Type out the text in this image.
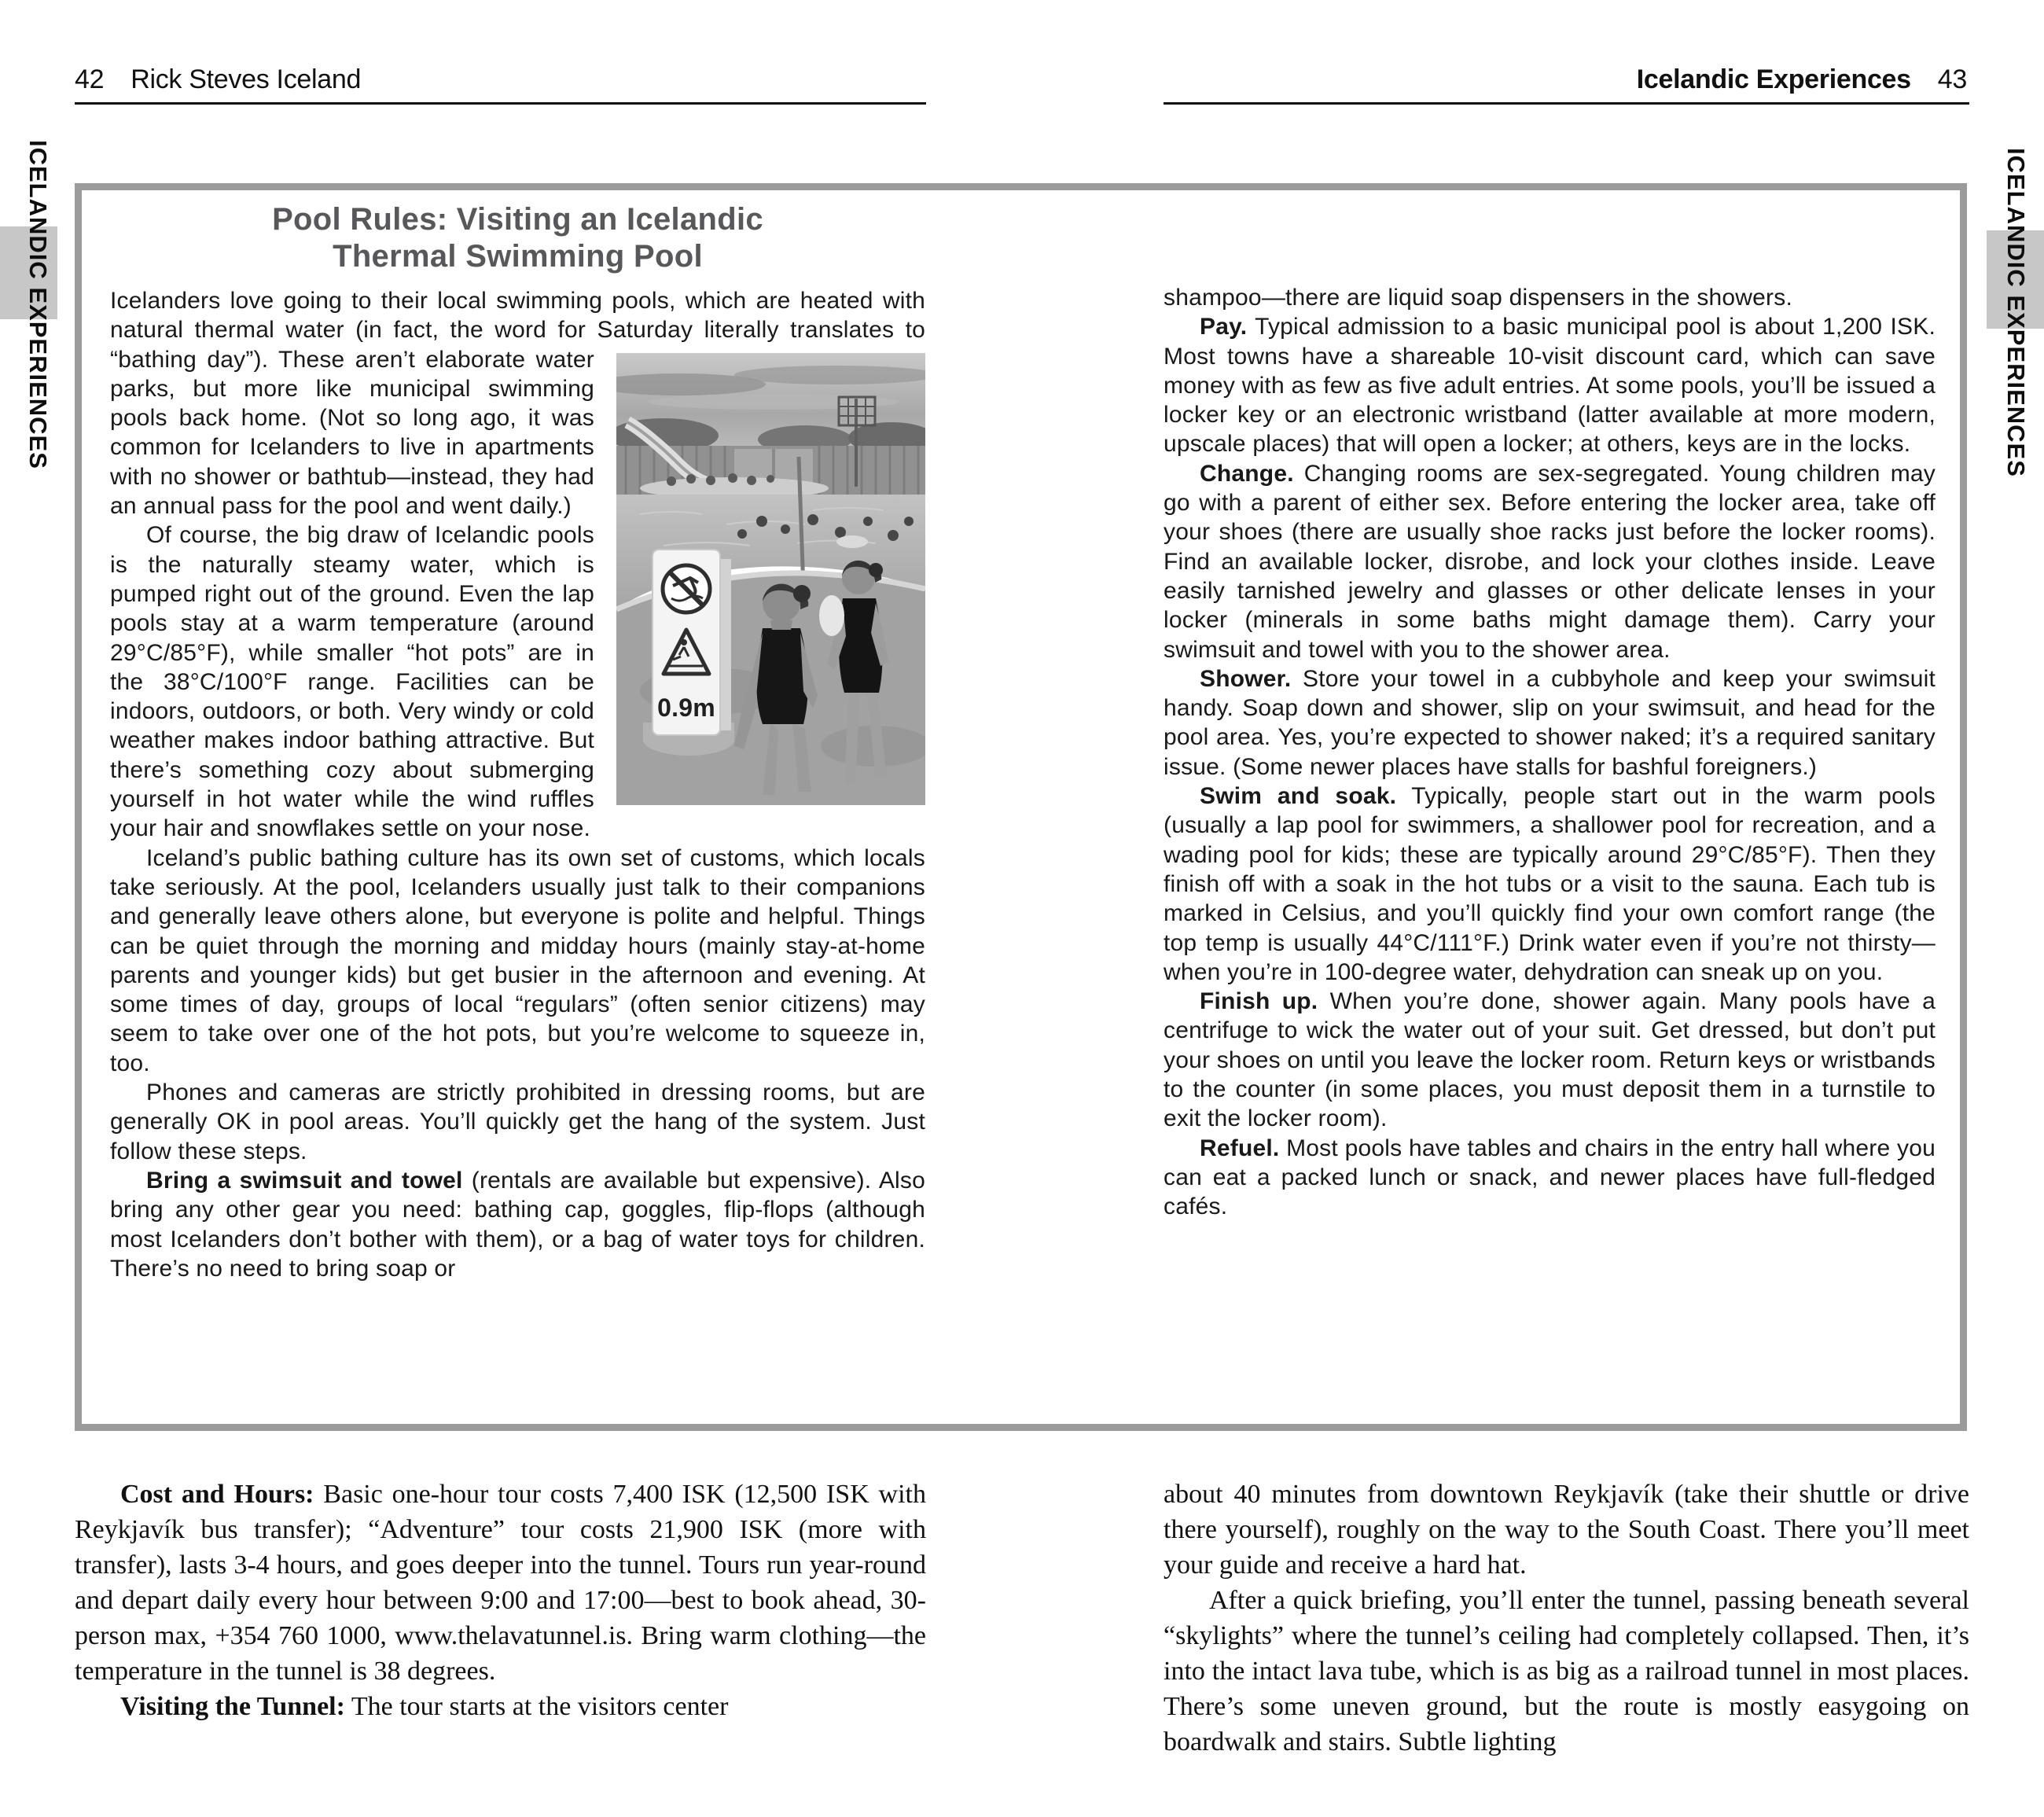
42 Rick Steves Iceland	Icelandic Experiences 43
ICELANDIC EXPERIENCES	ICELANDIC EXPERIENCES
Pool Rules: Visiting an Icelandic
Thermal Swimming Pool

Icelanders love going to their local swimming pools, which are heated with natural thermal water (in fact, the word for Saturday
0.9m
literally translates to “bathing day”). These aren’t elaborate water parks, but more like municipal swimming pools back home. (Not so long ago, it was common for Icelanders to live in apartments with no shower or bathtub—instead, they had an annual pass for the pool and went daily.)

Of course, the big draw of Icelandic pools is the naturally steamy water, which is pumped right out of the ground. Even the lap pools stay at a warm temperature (around 29°C/85°F), while smaller “hot pots” are in the 38°C/100°F range. Facilities can be indoors, outdoors, or both. Very windy or cold weather makes indoor bathing attractive. But there’s something cozy about submerging yourself in hot water while the wind ruffles your hair and snowflakes settle on your nose.

Iceland’s public bathing culture has its own set of customs, which locals take seriously. At the pool, Icelanders usually just talk to their companions and generally leave others alone, but everyone is polite and helpful. Things can be quiet through the morning and midday hours (mainly stay-at-home parents and younger kids) but get busier in the afternoon and evening. At some times of day, groups of local “regulars” (often senior citizens) may seem to take over one of the hot pots, but you’re welcome to squeeze in, too.

Phones and cameras are strictly prohibited in dressing rooms, but are generally OK in pool areas. You’ll quickly get the hang of the system. Just follow these steps.

Bring a swimsuit and towel (rentals are available but expensive). Also bring any other gear you need: bathing cap, goggles, flip-flops (although most Icelanders don’t bother with them), or a bag of water toys for children. There’s no need to bring soap or

shampoo—there are liquid soap dispensers in the showers.

Pay. Typical admission to a basic municipal pool is about 1,200 ISK. Most towns have a shareable 10-visit discount card, which can save money with as few as five adult entries. At some pools, you’ll be issued a locker key or an electronic wristband (latter available at more modern, upscale places) that will open a locker; at others, keys are in the locks.

Change. Changing rooms are sex-segregated. Young children may go with a parent of either sex. Before entering the locker area, take off your shoes (there are usually shoe racks just before the locker rooms). Find an available locker, disrobe, and lock your clothes inside. Leave easily tarnished jewelry and glasses or other delicate lenses in your locker (minerals in some baths might damage them). Carry your swimsuit and towel with you to the shower area.

Shower. Store your towel in a cubbyhole and keep your swimsuit handy. Soap down and shower, slip on your swimsuit, and head for the pool area. Yes, you’re expected to shower naked; it’s a required sanitary issue. (Some newer places have stalls for bashful foreigners.)

Swim and soak. Typically, people start out in the warm pools (usually a lap pool for swimmers, a shallower pool for recreation, and a wading pool for kids; these are typically around 29°C/85°F). Then they finish off with a soak in the hot tubs or a visit to the sauna. Each tub is marked in Celsius, and you’ll quickly find your own comfort range (the top temp is usually 44°C/111°F.) Drink water even if you’re not thirsty—when you’re in 100-degree water, dehydration can sneak up on you.

Finish up. When you’re done, shower again. Many pools have a centrifuge to wick the water out of your suit. Get dressed, but don’t put your shoes on until you leave the locker room. Return keys or wristbands to the counter (in some places, you must deposit them in a turnstile to exit the locker room).

Refuel. Most pools have tables and chairs in the entry hall where you can eat a packed lunch or snack, and newer places have full-fledged cafés.

Cost and Hours: Basic one-hour tour costs 7,400 ISK (12,500 ISK with Reykjavík bus transfer); “Adventure” tour costs 21,900 ISK (more with transfer), lasts 3-4 hours, and goes deeper into the tunnel. Tours run year-round and depart daily every hour between 9:00 and 17:00—best to book ahead, 30-person max, +354 760 1000, www.thelavatunnel.is. Bring warm clothing—the temperature in the tunnel is 38 degrees.

Visiting the Tunnel: The tour starts at the visitors center

about 40 minutes from downtown Reykjavík (take their shuttle or drive there yourself), roughly on the way to the South Coast. There you’ll meet your guide and receive a hard hat.

After a quick briefing, you’ll enter the tunnel, passing beneath several “skylights” where the tunnel’s ceiling had completely collapsed. Then, it’s into the intact lava tube, which is as big as a railroad tunnel in most places. There’s some uneven ground, but the route is mostly easygoing on boardwalk and stairs. Subtle lighting
